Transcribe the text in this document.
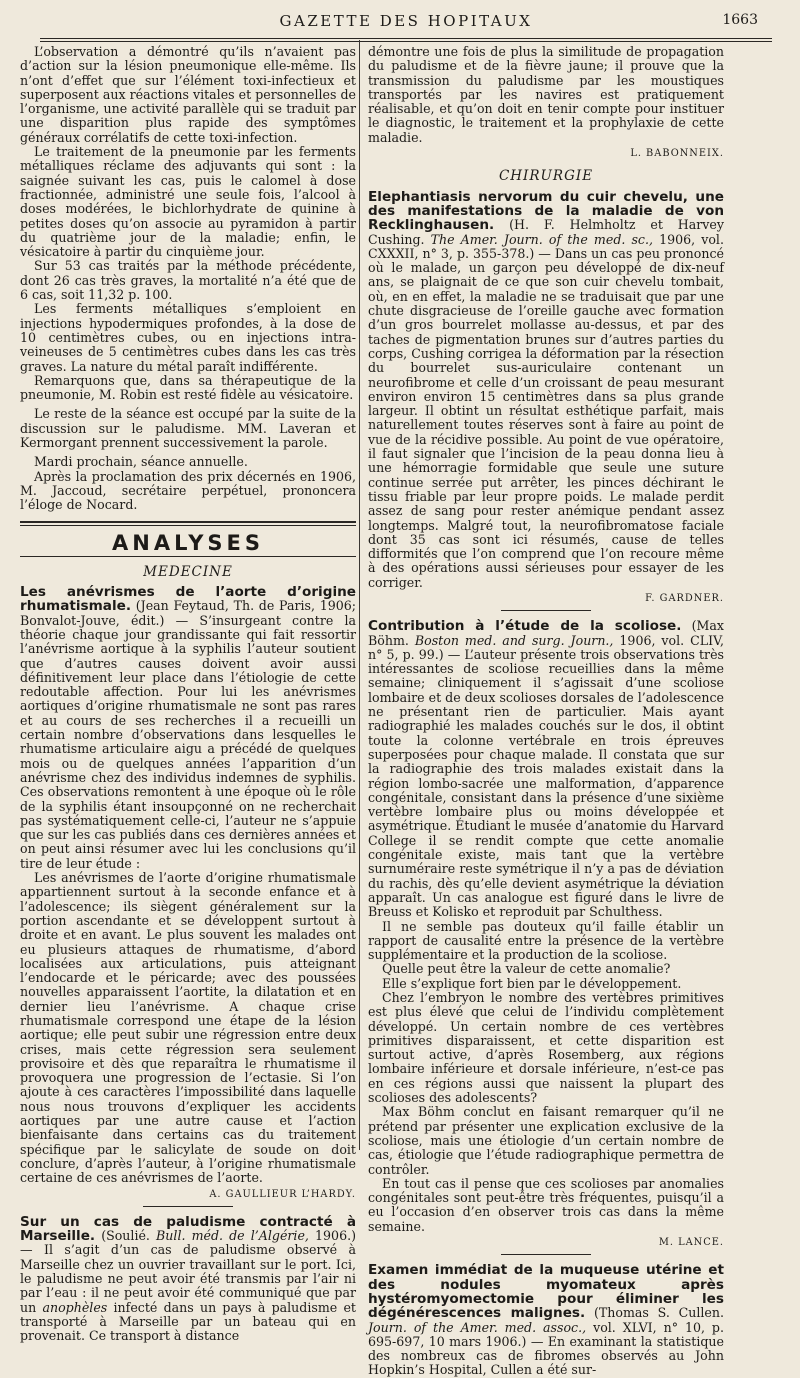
GAZETTE DES HOPITAUX	1663

L’observation a démontré qu’ils n’avaient pas d’action sur la lésion pneumonique elle-même. Ils n’ont d’effet que sur l’élément toxi-infectieux et superposent aux réactions vitales et personnelles de l’organisme, une activité parallèle qui se traduit par une disparition plus rapide des symptômes généraux corrélatifs de cette toxi-infection.

Le traitement de la pneumonie par les ferments métalliques réclame des adjuvants qui sont : la saignée suivant les cas, puis le calomel à dose fractionnée, administré une seule fois, l’alcool à doses modérées, le bichlorhydrate de quinine à petites doses qu’on associe au pyramidon à partir du quatrième jour de la maladie; enfin, le vésicatoire à partir du cinquième jour.

Sur 53 cas traités par la méthode précédente, dont 26 cas très graves, la mortalité n’a été que de 6 cas, soit 11,32 p. 100.

Les ferments métalliques s’emploient en injections hypodermiques profondes, à la dose de 10 centimètres cubes, ou en injections intra-veineuses de 5 centimètres cubes dans les cas très graves. La nature du métal paraît indifférente.

Remarquons que, dans sa thérapeutique de la pneumonie, M. Robin est resté fidèle au vésicatoire.

Le reste de la séance est occupé par la suite de la discussion sur le paludisme. MM. Laveran et Kermorgant prennent successivement la parole.

Mardi prochain, séance annuelle.

Après la proclamation des prix décernés en 1906, M. Jaccoud, secrétaire perpétuel, prononcera l’éloge de Nocard.

ANALYSES
MEDECINE

Les anévrismes de l’aorte d’origine rhumatismale. (Jean Feytaud, Th. de Paris, 1906; Bonvalot-Jouve, édit.) — S’insurgeant contre la théorie chaque jour grandissante qui fait ressortir l’anévrisme aortique à la syphilis l’auteur soutient que d’autres causes doivent avoir aussi définitivement leur place dans l’étiologie de cette redoutable affection. Pour lui les anévrismes aortiques d’origine rhumatismale ne sont pas rares et au cours de ses recherches il a recueilli un certain nombre d’observations dans lesquelles le rhumatisme articulaire aigu a précédé de quelques mois ou de quelques années l’apparition d’un anévrisme chez des individus indemnes de syphilis. Ces observations remontent à une époque où le rôle de la syphilis étant insoupçonné on ne recherchait pas systématiquement celle-ci, l’auteur ne s’appuie que sur les cas publiés dans ces dernières années et on peut ainsi résumer avec lui les conclusions qu’il tire de leur étude :

Les anévrismes de l’aorte d’origine rhumatismale appartiennent surtout à la seconde enfance et à l’adolescence; ils siègent généralement sur la portion ascendante et se développent surtout à droite et en avant. Le plus souvent les malades ont eu plusieurs attaques de rhumatisme, d’abord localisées aux articulations, puis atteignant l’endocarde et le péricarde; avec des poussées nouvelles apparaissent l’aortite, la dilatation et en dernier lieu l’anévrisme. A chaque crise rhumatismale correspond une étape de la lésion aortique; elle peut subir une régression entre deux crises, mais cette régression sera seulement provisoire et dès que reparaîtra le rhumatisme il provoquera une progression de l’ectasie. Si l’on ajoute à ces caractères l’impossibilité dans laquelle nous nous trouvons d’expliquer les accidents aortiques par une autre cause et l’action bienfaisante dans certains cas du traitement spécifique par le salicylate de soude on doit conclure, d’après l’auteur, à l’origine rhumatismale certaine de ces anévrismes de l’aorte.

A. GAULLIEUR L’HARDY.

Sur un cas de paludisme contracté à Marseille. (Soulié. Bull. méd. de l’Algérie, 1906.) — Il s’agit d’un cas de paludisme observé à Marseille chez un ouvrier travaillant sur le port. Ici, le paludisme ne peut avoir été transmis par l’air ni par l’eau : il ne peut avoir été communiqué que par un anophèles infecté dans un pays à paludisme et transporté à Marseille par un bateau qui en provenait. Ce transport à distance

démontre une fois de plus la similitude de propagation du paludisme et de la fièvre jaune; il prouve que la transmission du paludisme par les moustiques transportés par les navires est pratiquement réalisable, et qu’on doit en tenir compte pour instituer le diagnostic, le traitement et la prophylaxie de cette maladie.

L. BABONNEIX.
CHIRURGIE

Elephantiasis nervorum du cuir chevelu, une des manifestations de la maladie de von Recklinghausen. (H. F. Helmholtz et Harvey Cushing. The Amer. Journ. of the med. sc., 1906, vol. CXXXII, n° 3, p. 355-378.) — Dans un cas peu prononcé où le malade, un garçon peu développé de dix-neuf ans, se plaignait de ce que son cuir chevelu tombait, où, en en effet, la maladie ne se traduisait que par une chute disgracieuse de l’oreille gauche avec formation d’un gros bourrelet mollasse au-dessus, et par des taches de pigmentation brunes sur d’autres parties du corps, Cushing corrigea la déformation par la résection du bourrelet sus-auriculaire contenant un neurofibrome et celle d’un croissant de peau mesurant environ environ 15 centimètres dans sa plus grande largeur. Il obtint un résultat esthétique parfait, mais naturellement toutes réserves sont à faire au point de vue de la récidive possible. Au point de vue opératoire, il faut signaler que l’incision de la peau donna lieu à une hémorragie formidable que seule une suture continue serrée put arrêter, les pinces déchirant le tissu friable par leur propre poids. Le malade perdit assez de sang pour rester anémique pendant assez longtemps. Malgré tout, la neurofibromatose faciale dont 35 cas sont ici résumés, cause de telles difformités que l’on comprend que l’on recoure même à des opérations aussi sérieuses pour essayer de les corriger.

F. GARDNER.

Contribution à l’étude de la scoliose. (Max Böhm. Boston med. and surg. Journ., 1906, vol. CLIV, n° 5, p. 99.) — L’auteur présente trois observations très intéressantes de scoliose recueillies dans la même semaine; cliniquement il s’agissait d’une scoliose lombaire et de deux scolioses dorsales de l’adolescence ne présentant rien de particulier. Mais ayant radiographié les malades couchés sur le dos, il obtint toute la colonne vertébrale en trois épreuves superposées pour chaque malade. Il constata que sur la radiographie des trois malades existait dans la région lombo-sacrée une malformation, d’apparence congénitale, consistant dans la présence d’une sixième vertèbre lombaire plus ou moins développée et asymétrique. Étudiant le musée d’anatomie du Harvard College il se rendit compte que cette anomalie congénitale existe, mais tant que la vertèbre surnuméraire reste symétrique il n’y a pas de déviation du rachis, dès qu’elle devient asymétrique la déviation apparaît. Un cas analogue est figuré dans le livre de Breuss et Kolisko et reproduit par Schulthess.

Il ne semble pas douteux qu’il faille établir un rapport de causalité entre la présence de la vertèbre supplémentaire et la production de la scoliose.

Quelle peut être la valeur de cette anomalie?

Elle s’explique fort bien par le développement.

Chez l’embryon le nombre des vertèbres primitives est plus élevé que celui de l’individu complètement développé. Un certain nombre de ces vertèbres primitives disparaissent, et cette disparition est surtout active, d’après Rosemberg, aux régions lombaire inférieure et dorsale inférieure, n’est-ce pas en ces régions aussi que naissent la plupart des scolioses des adolescents?

Max Böhm conclut en faisant remarquer qu’il ne prétend par présenter une explication exclusive de la scoliose, mais une étiologie d’un certain nombre de cas, étiologie que l’étude radiographique permettra de contrôler.

En tout cas il pense que ces scolioses par anomalies congénitales sont peut-être très fréquentes, puisqu’il a eu l’occasion d’en observer trois cas dans la même semaine.

M. LANCE.

Examen immédiat de la muqueuse utérine et des nodules myomateux après hystéromyomectomie pour éliminer les dégénérescences malignes. (Thomas S. Cullen. Journ. of the Amer. med. assoc., vol. XLVI, n° 10, p. 695-697, 10 mars 1906.) — En examinant la statistique des nombreux cas de fibromes observés au John Hopkin’s Hospital, Cullen a été sur-
